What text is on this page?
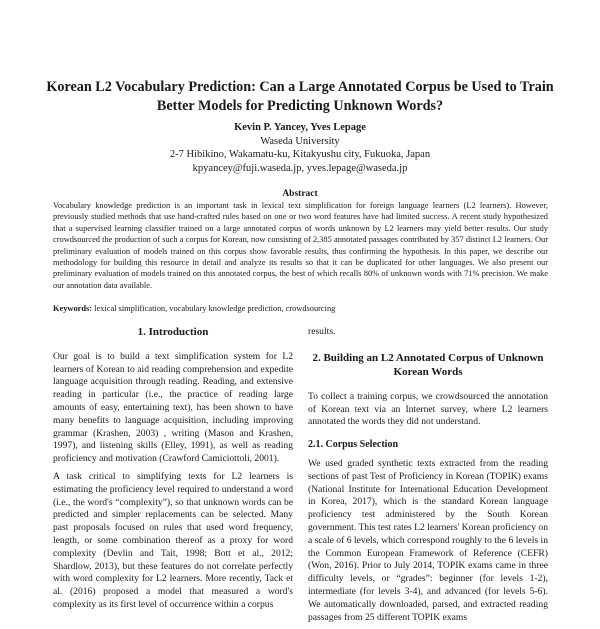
Korean L2 Vocabulary Prediction: Can a Large Annotated Corpus be Used to Train Better Models for Predicting Unknown Words?
Kevin P. Yancey, Yves Lepage
Waseda University
2-7 Hibikino, Wakamatu-ku, Kitakyushu city, Fukuoka, Japan
kpyancey@fuji.waseda.jp, yves.lepage@waseda.jp
Abstract
Vocabulary knowledge prediction is an important task in lexical text simplification for foreign language learners (L2 learners). However, previously studied methods that use hand-crafted rules based on one or two word features have had limited success. A recent study hypothesized that a supervised learning classifier trained on a large annotated corpus of words unknown by L2 learners may yield better results. Our study crowdsourced the production of such a corpus for Korean, now consisting of 2,385 annotated passages contributed by 357 distinct L2 learners. Our preliminary evaluation of models trained on this corpus show favorable results, thus confirming the hypothesis. In this paper, we describe our methodology for building this resource in detail and analyze its results so that it can be duplicated for other languages. We also present our preliminary evaluation of models trained on this annotated corpus, the best of which recalls 80% of unknown words with 71% precision. We make our annotation data available.
Keywords: lexical simplification, vocabulary knowledge prediction, crowdsourcing
1. Introduction

Our goal is to build a text simplification system for L2 learners of Korean to aid reading comprehension and expedite language acquisition through reading. Reading, and extensive reading in particular (i.e., the practice of reading large amounts of easy, entertaining text), has been shown to have many benefits to language acquisition, including improving grammar (Krashen, 2003) , writing (Mason and Krashen, 1997), and listening skills (Elley, 1991), as well as reading proficiency and motivation (Crawford Camiciottoli, 2001).

A task critical to simplifying texts for L2 learners is estimating the proficiency level required to understand a word (i.e., the word's “complexity”), so that unknown words can be predicted and simpler replacements can be selected. Many past proposals focused on rules that used word frequency, length, or some combination thereof as a proxy for word complexity (Devlin and Tait, 1998; Bott et al., 2012; Shardlow, 2013), but these features do not correlate perfectly with word complexity for L2 learners. More recently, Tack et al. (2016) proposed a model that measured a word's complexity as its first level of occurrence within a corpus

results.

2. Building an L2 Annotated Corpus of Unknown Korean Words

To collect a training corpus, we crowdsourced the annotation of Korean text via an Internet survey, where L2 learners annotated the words they did not understand.

2.1. Corpus Selection

We used graded synthetic texts extracted from the reading sections of past Test of Proficiency in Korean (TOPIK) exams (National Institute for International Education Development in Korea, 2017), which is the standard Korean language proficiency test administered by the South Korean government. This test rates L2 learners' Korean proficiency on a scale of 6 levels, which correspond roughly to the 6 levels in the Common European Framework of Reference (CEFR) (Won, 2016). Prior to July 2014, TOPIK exams came in three difficulty levels, or “grades”: beginner (for levels 1-2), intermediate (for levels 3-4), and advanced (for levels 5-6). We automatically downloaded, parsed, and extracted reading passages from 25 different TOPIK exams
